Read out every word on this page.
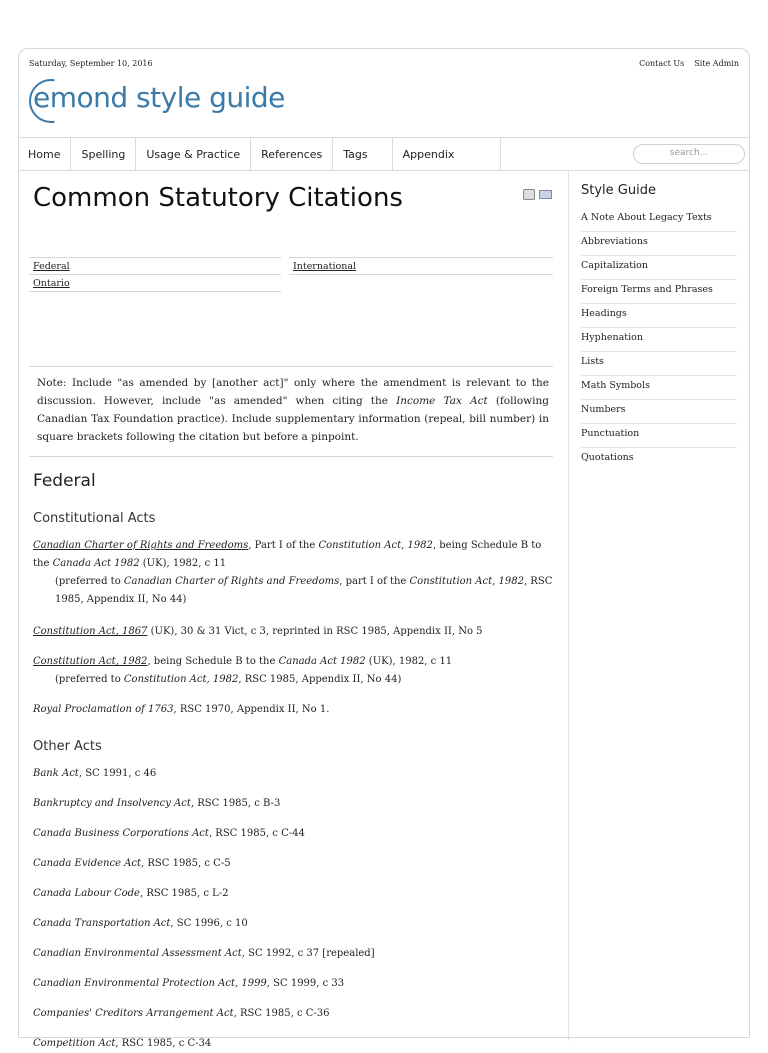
Saturday, September 10, 2016	Contact Us Site Admin
emond style guide
Home	Spelling	Usage & Practice	References	Tags	Appendix	search...
Common Statutory Citations
Federal	International
Ontario
Note: Include "as amended by [another act]" only where the amendment is relevant to the discussion. However, include "as amended" when citing the Income Tax Act (following Canadian Tax Foundation practice). Include supplementary information (repeal, bill number) in square brackets following the citation but before a pinpoint.
Federal
Constitutional Acts
Canadian Charter of Rights and Freedoms, Part I of the Constitution Act, 1982, being Schedule B to the Canada Act 1982 (UK), 1982, c 11
(preferred to Canadian Charter of Rights and Freedoms, part I of the Constitution Act, 1982, RSC 1985, Appendix II, No 44)
Constitution Act, 1867 (UK), 30 & 31 Vict, c 3, reprinted in RSC 1985, Appendix II, No 5
Constitution Act, 1982, being Schedule B to the Canada Act 1982 (UK), 1982, c 11
(preferred to Constitution Act, 1982, RSC 1985, Appendix II, No 44)
Royal Proclamation of 1763, RSC 1970, Appendix II, No 1.
Other Acts
Bank Act, SC 1991, c 46
Bankruptcy and Insolvency Act, RSC 1985, c B-3
Canada Business Corporations Act, RSC 1985, c C-44
Canada Evidence Act, RSC 1985, c C-5
Canada Labour Code, RSC 1985, c L-2
Canada Transportation Act, SC 1996, c 10
Canadian Environmental Assessment Act, SC 1992, c 37 [repealed]
Canadian Environmental Protection Act, 1999, SC 1999, c 33
Companies' Creditors Arrangement Act, RSC 1985, c C-36
Competition Act, RSC 1985, c C-34
Style Guide
A Note About Legacy Texts
Abbreviations
Capitalization
Foreign Terms and Phrases
Headings
Hyphenation
Lists
Math Symbols
Numbers
Punctuation
Quotations
